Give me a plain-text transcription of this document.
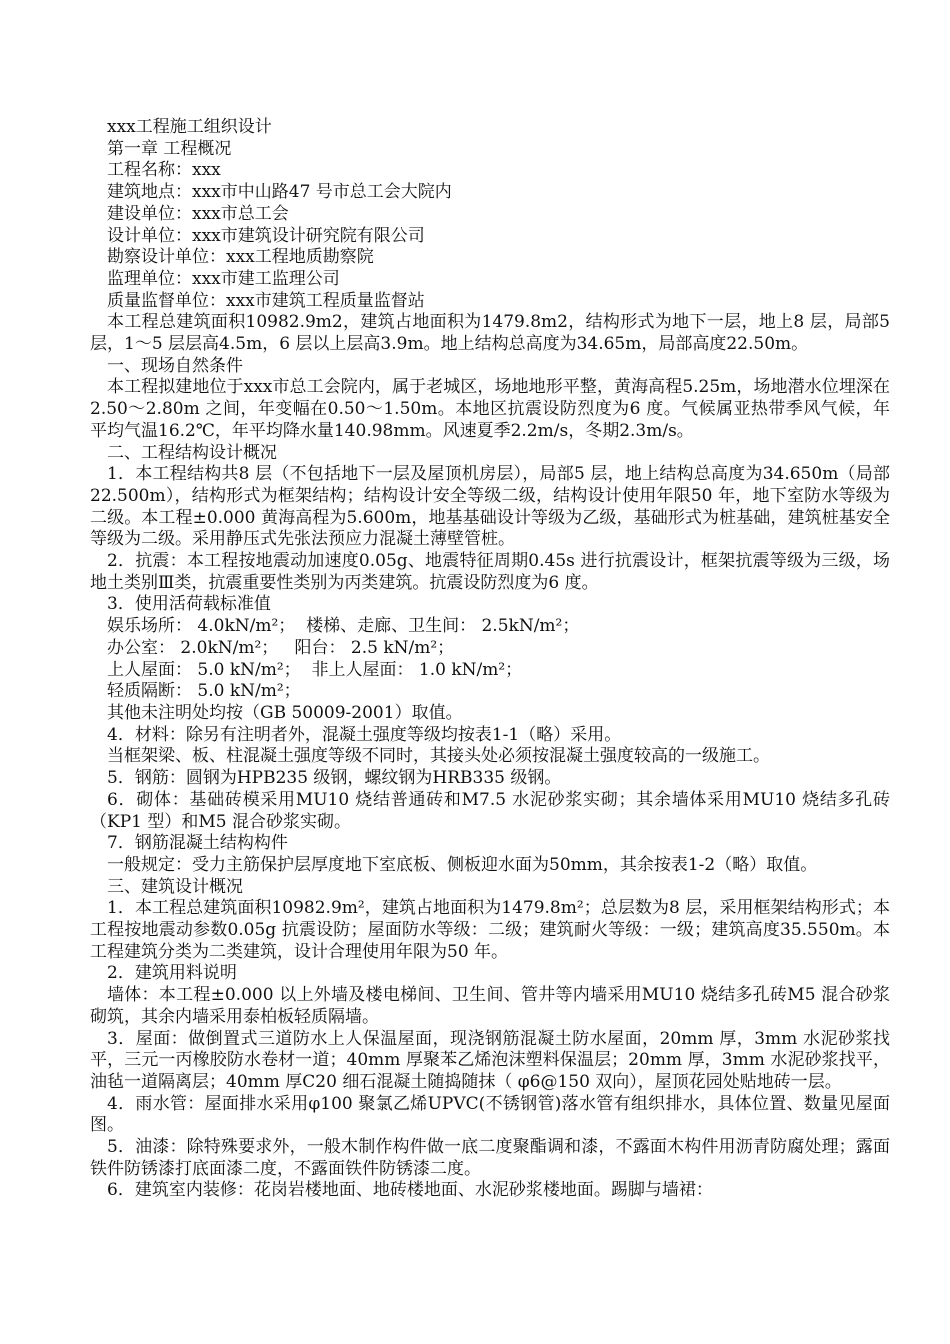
xxx工程施工组织设计

第一章 工程概况

工程名称：xxx

建筑地点：xxx市中山路47 号市总工会大院内

建设单位：xxx市总工会

设计单位：xxx市建筑设计研究院有限公司

勘察设计单位：xxx工程地质勘察院

监理单位：xxx市建工监理公司

质量监督单位：xxx市建筑工程质量监督站

本工程总建筑面积10982.9m2，建筑占地面积为1479.8m2，结构形式为地下一层，地上8 层，局部5 层，1～5 层层高4.5m，6 层以上层高3.9m。地上结构总高度为34.65m，局部高度22.50m。

一、现场自然条件

本工程拟建地位于xxx市总工会院内，属于老城区，场地地形平整，黄海高程5.25m，场地潜水位埋深在2.50～2.80m 之间，年变幅在0.50～1.50m。本地区抗震设防烈度为6 度。气候属亚热带季风气候，年平均气温16.2℃，年平均降水量140.98mm。风速夏季2.2m/s，冬期2.3m/s。

二、工程结构设计概况

1．本工程结构共8 层（不包括地下一层及屋顶机房层），局部5 层，地上结构总高度为34.650m（局部22.500m），结构形式为框架结构；结构设计安全等级二级，结构设计使用年限50 年，地下室防水等级为二级。本工程±0.000 黄海高程为5.600m，地基基础设计等级为乙级，基础形式为桩基础，建筑桩基安全等级为二级。采用静压式先张法预应力混凝土薄壁管桩。

2．抗震：本工程按地震动加速度0.05g、地震特征周期0.45s 进行抗震设计，框架抗震等级为三级，场地土类别Ⅲ类，抗震重要性类别为丙类建筑。抗震设防烈度为6 度。

3．使用活荷载标准值

娱乐场所： 4.0kN/m²；  楼梯、走廊、卫生间： 2.5kN/m²；

办公室： 2.0kN/m²；   阳台： 2.5 kN/m²；

上人屋面： 5.0 kN/m²；  非上人屋面： 1.0 kN/m²；

轻质隔断： 5.0 kN/m²；

其他未注明处均按（GB 50009-2001）取值。

4．材料：除另有注明者外，混凝土强度等级均按表1-1（略）采用。

当框架梁、板、柱混凝土强度等级不同时，其接头处必须按混凝土强度较高的一级施工。

5．钢筋：圆钢为HPB235 级钢，螺纹钢为HRB335 级钢。

6．砌体：基础砖模采用MU10 烧结普通砖和M7.5 水泥砂浆实砌；其余墙体采用MU10 烧结多孔砖（KP1 型）和M5 混合砂浆实砌。

7．钢筋混凝土结构构件

一般规定：受力主筋保护层厚度地下室底板、侧板迎水面为50mm，其余按表1-2（略）取值。

三、建筑设计概况

1．本工程总建筑面积10982.9m²，建筑占地面积为1479.8m²；总层数为8 层，采用框架结构形式；本工程按地震动参数0.05g 抗震设防；屋面防水等级：二级；建筑耐火等级：一级；建筑高度35.550m。本工程建筑分类为二类建筑，设计合理使用年限为50 年。

2．建筑用料说明

墙体：本工程±0.000 以上外墙及楼电梯间、卫生间、管井等内墙采用MU10 烧结多孔砖M5 混合砂浆砌筑，其余内墙采用泰柏板轻质隔墙。

3．屋面：做倒置式三道防水上人保温屋面，现浇钢筋混凝土防水屋面，20mm 厚，3mm 水泥砂浆找平，三元一丙橡胶防水卷材一道；40mm 厚聚苯乙烯泡沫塑料保温层；20mm 厚，3mm 水泥砂浆找平，油毡一道隔离层；40mm 厚C20 细石混凝土随捣随抹（ φ6@150 双向），屋顶花园处贴地砖一层。

4．雨水管：屋面排水采用φ100 聚氯乙烯UPVC(不锈钢管)落水管有组织排水，具体位置、数量见屋面图。

5．油漆：除特殊要求外，一般木制作构件做一底二度聚酯调和漆，不露面木构件用沥青防腐处理；露面铁件防锈漆打底面漆二度，不露面铁件防锈漆二度。

6．建筑室内装修：花岗岩楼地面、地砖楼地面、水泥砂浆楼地面。踢脚与墙裙：
